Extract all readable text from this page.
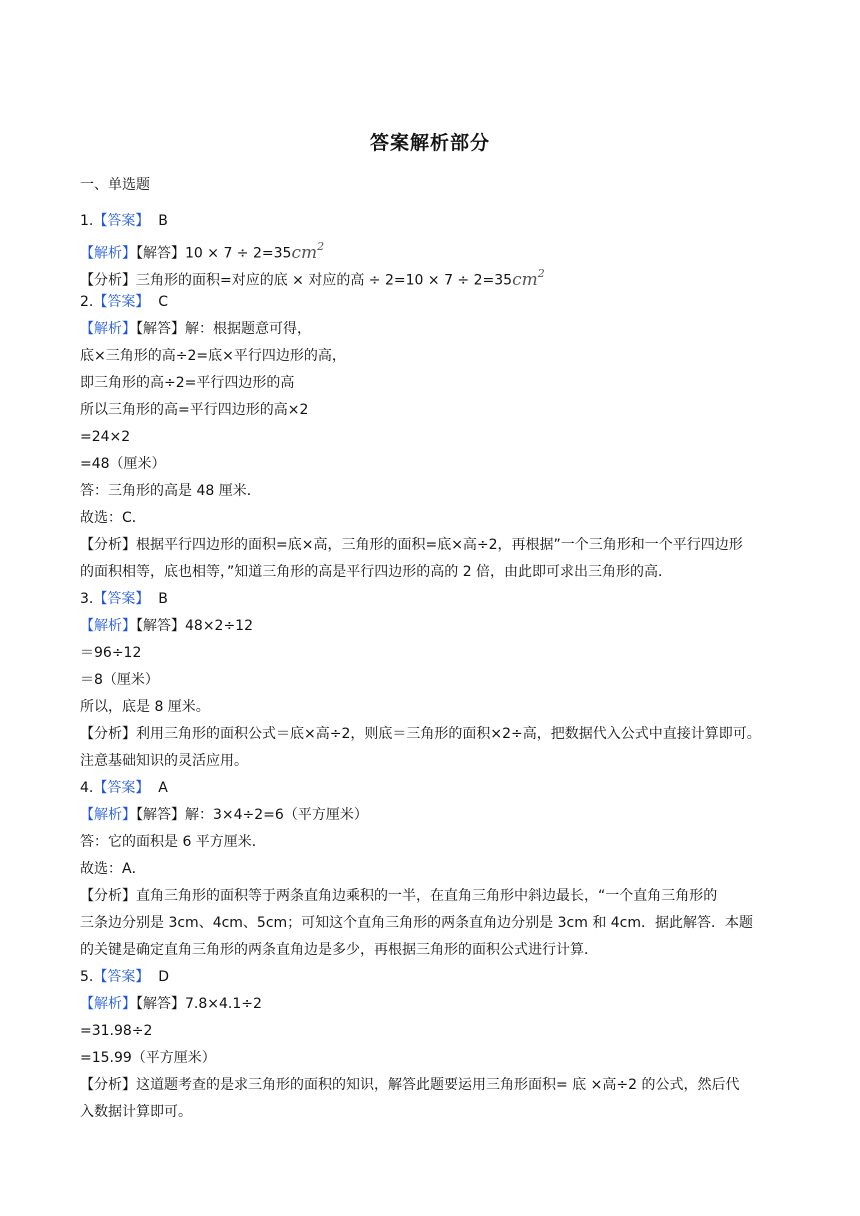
答案解析部分
一、单选题
1.【答案】 B
【解析】【解答】$10 \times 7 \div 2=35cm^2$
【分析】三角形的面积=对应的底 × 对应的高 ÷ $2=10 \times 7 \div 2=35cm^2$
2.【答案】 C
【解析】【解答】解：根据题意可得，
底×三角形的高÷2=底×平行四边形的高，
即三角形的高÷2=平行四边形的高
所以三角形的高=平行四边形的高×2
=24×2
=48（厘米）
答：三角形的高是 48 厘米．
故选：C．
【分析】根据平行四边形的面积=底×高，三角形的面积=底×高÷2，再根据”一个三角形和一个平行四边形
的面积相等，底也相等，”知道三角形的高是平行四边形的高的 2 倍，由此即可求出三角形的高．
3.【答案】 B
【解析】【解答】48×2÷12
＝96÷12
＝8（厘米）
所以，底是 8 厘米。
【分析】利用三角形的面积公式＝底×高÷2，则底＝三角形的面积×2÷高，把数据代入公式中直接计算即可。
注意基础知识的灵活应用。
4.【答案】 A
【解析】【解答】解：3×4÷2=6（平方厘米）
答：它的面积是 6 平方厘米．
故选：A．
【分析】直角三角形的面积等于两条直角边乘积的一半，在直角三角形中斜边最长，“一个直角三角形的
三条边分别是 3cm、4cm、5cm；可知这个直角三角形的两条直角边分别是 3cm 和 4cm．据此解答．本题
的关键是确定直角三角形的两条直角边是多少，再根据三角形的面积公式进行计算．
5.【答案】 D
【解析】【解答】7.8×4.1÷2
=31.98÷2
=15.99（平方厘米）
【分析】这道题考查的是求三角形的面积的知识，解答此题要运用三角形面积= 底 ×高÷2 的公式，然后代
入数据计算即可。
